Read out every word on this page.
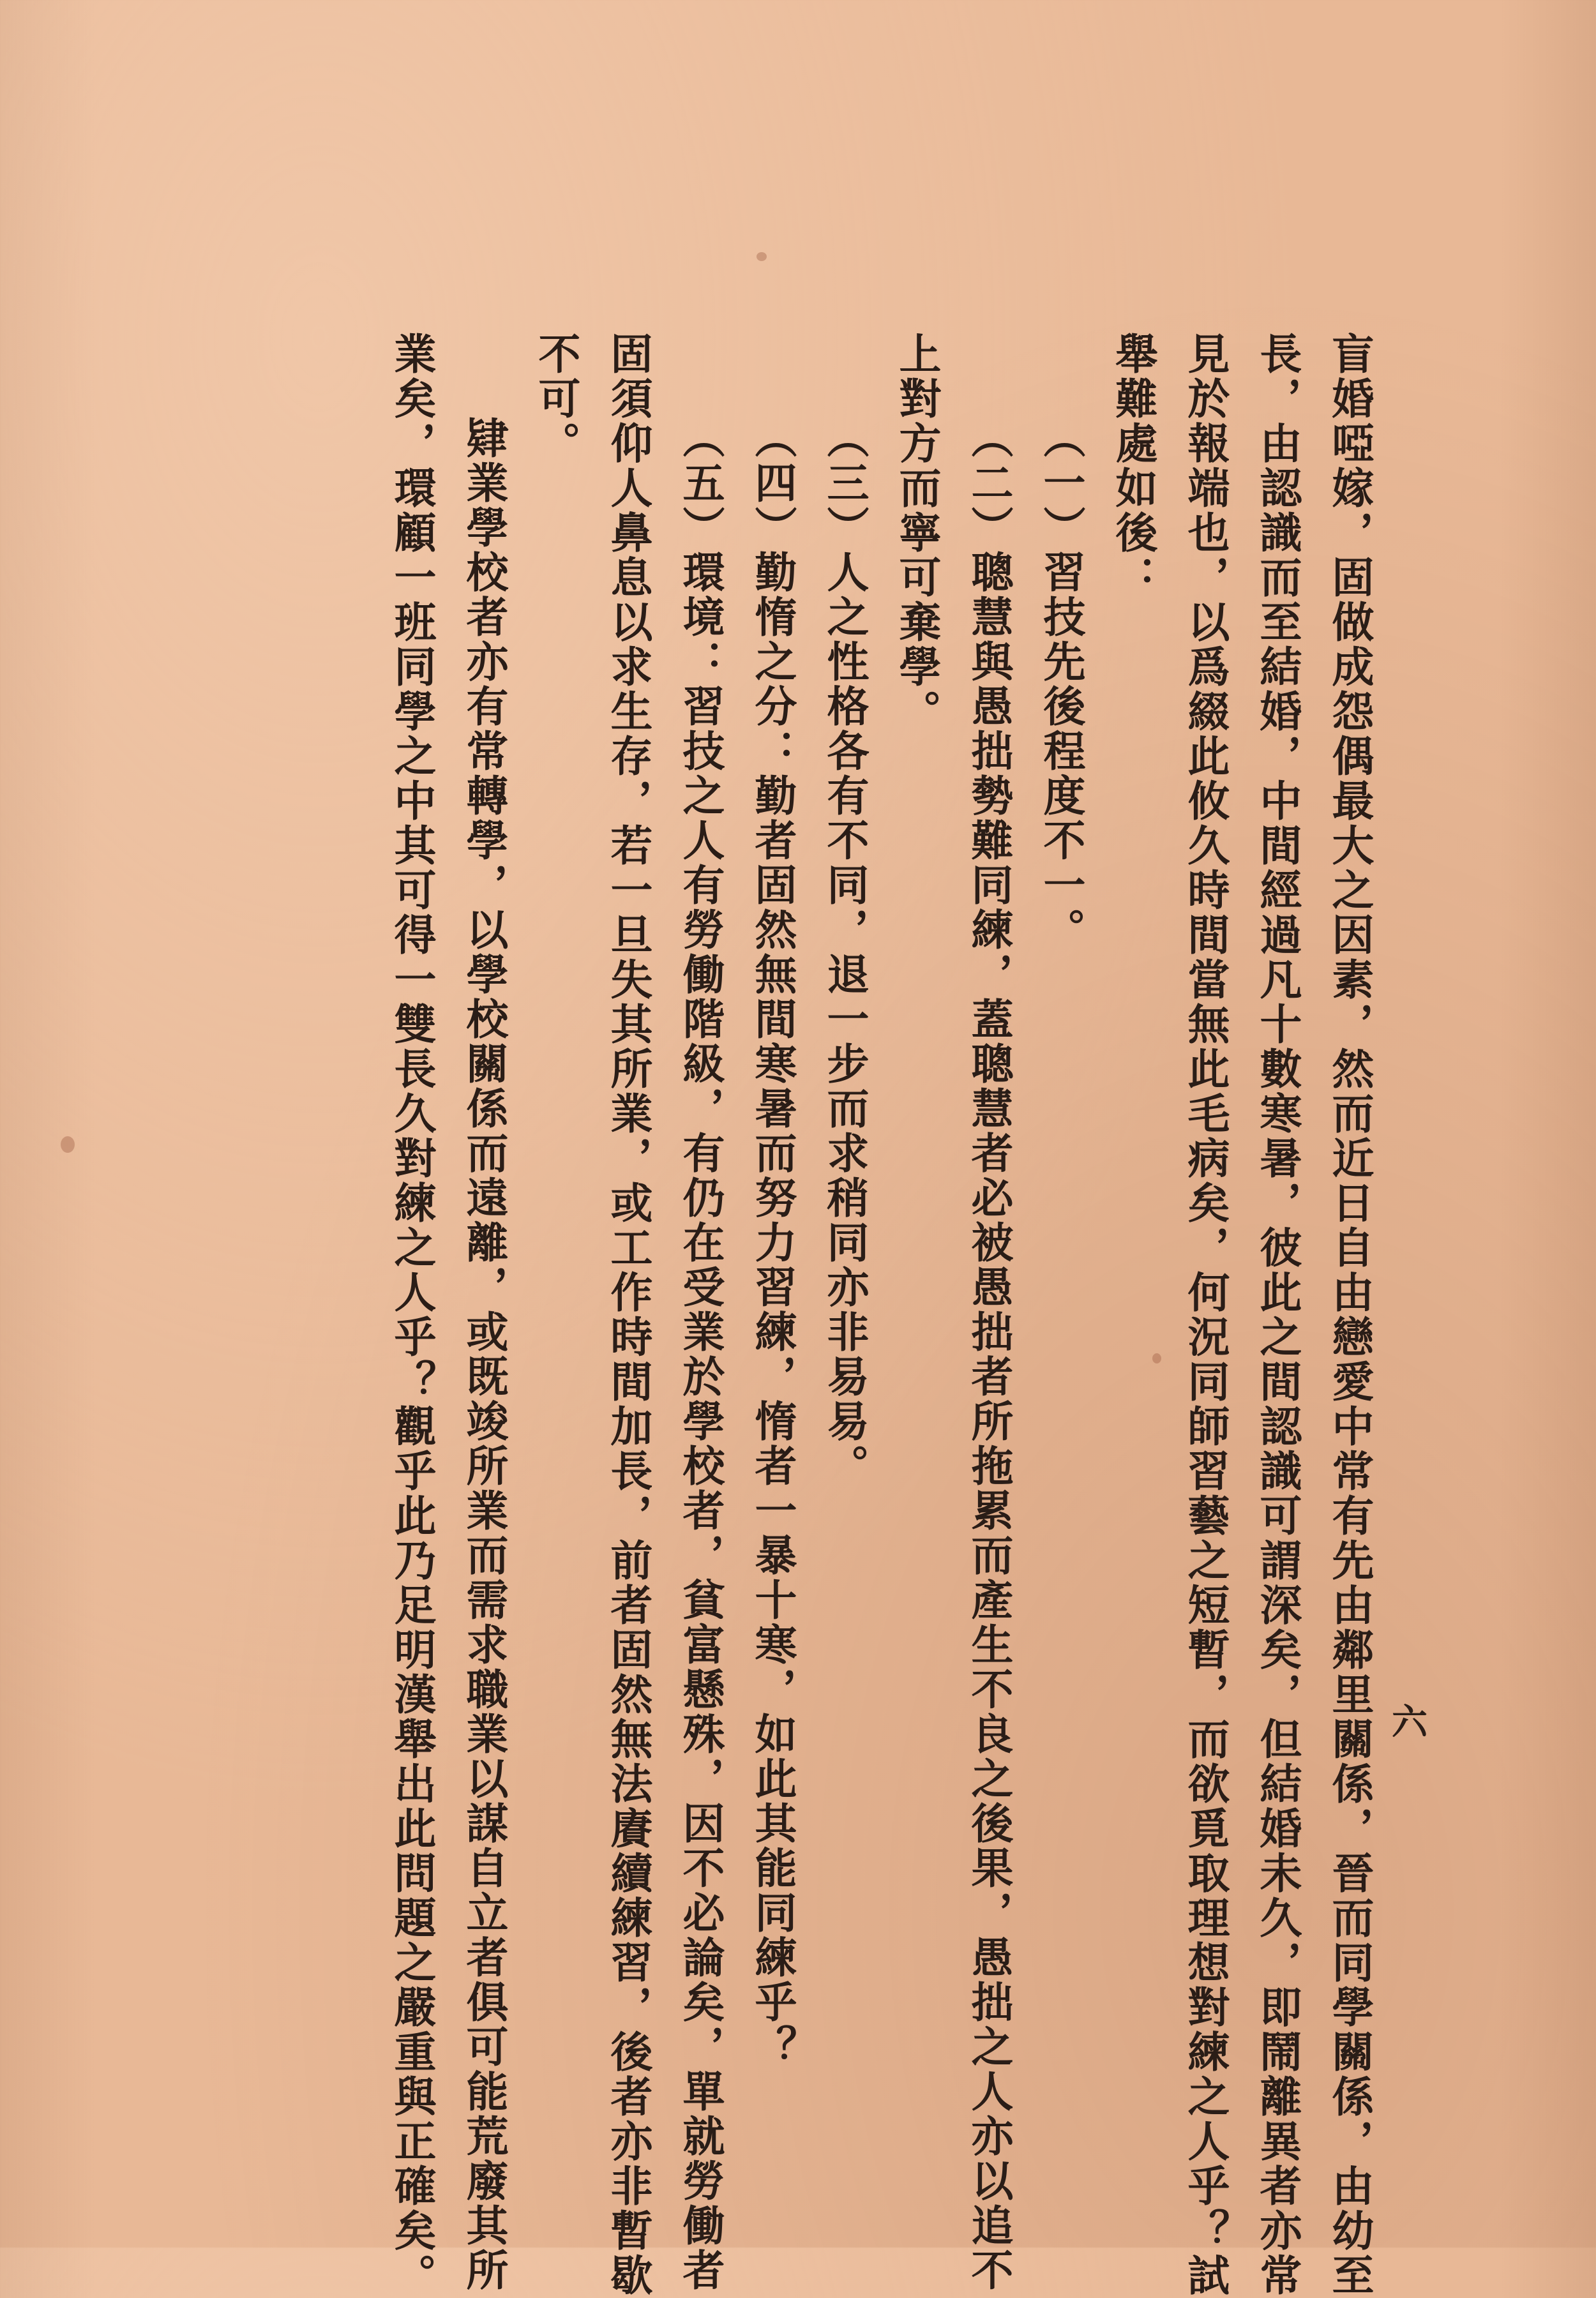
六
盲婚啞嫁，固做成怨偶最大之因素，然而近日自由戀愛中常有先由鄰里關係，晉而同學關係，由幼至
長，由認識而至結婚，中間經過凡十數寒暑，彼此之間認識可謂深矣，但結婚未久，即鬧離異者亦常
見於報端也，以爲綴此攸久時間當無此毛病矣，何況同師習藝之短暫，而欲覓取理想對練之人乎？試
舉難處如後：
（一）習技先後程度不一。
（二）聰慧與愚拙勢難同練，蓋聰慧者必被愚拙者所拖累而產生不良之後果，愚拙之人亦以追不
上對方而寧可棄學。
（三）人之性格各有不同，退一步而求稍同亦非易易。
（四）勤惰之分：勤者固然無間寒暑而努力習練，惰者一暴十寒，如此其能同練乎？
（五）環境：習技之人有勞働階級，有仍在受業於學校者，貧富懸殊，因不必論矣，單就勞働者
固須仰人鼻息以求生存，若一旦失其所業，或工作時間加長，前者固然無法賡續練習，後者亦非暫歇
不可。
肄業學校者亦有常轉學，以學校關係而遠離，或既竣所業而需求職業以謀自立者俱可能荒廢其所
業矣，環顧一班同學之中其可得一雙長久對練之人乎？觀乎此乃足明漢舉出此問題之嚴重與正確矣。
